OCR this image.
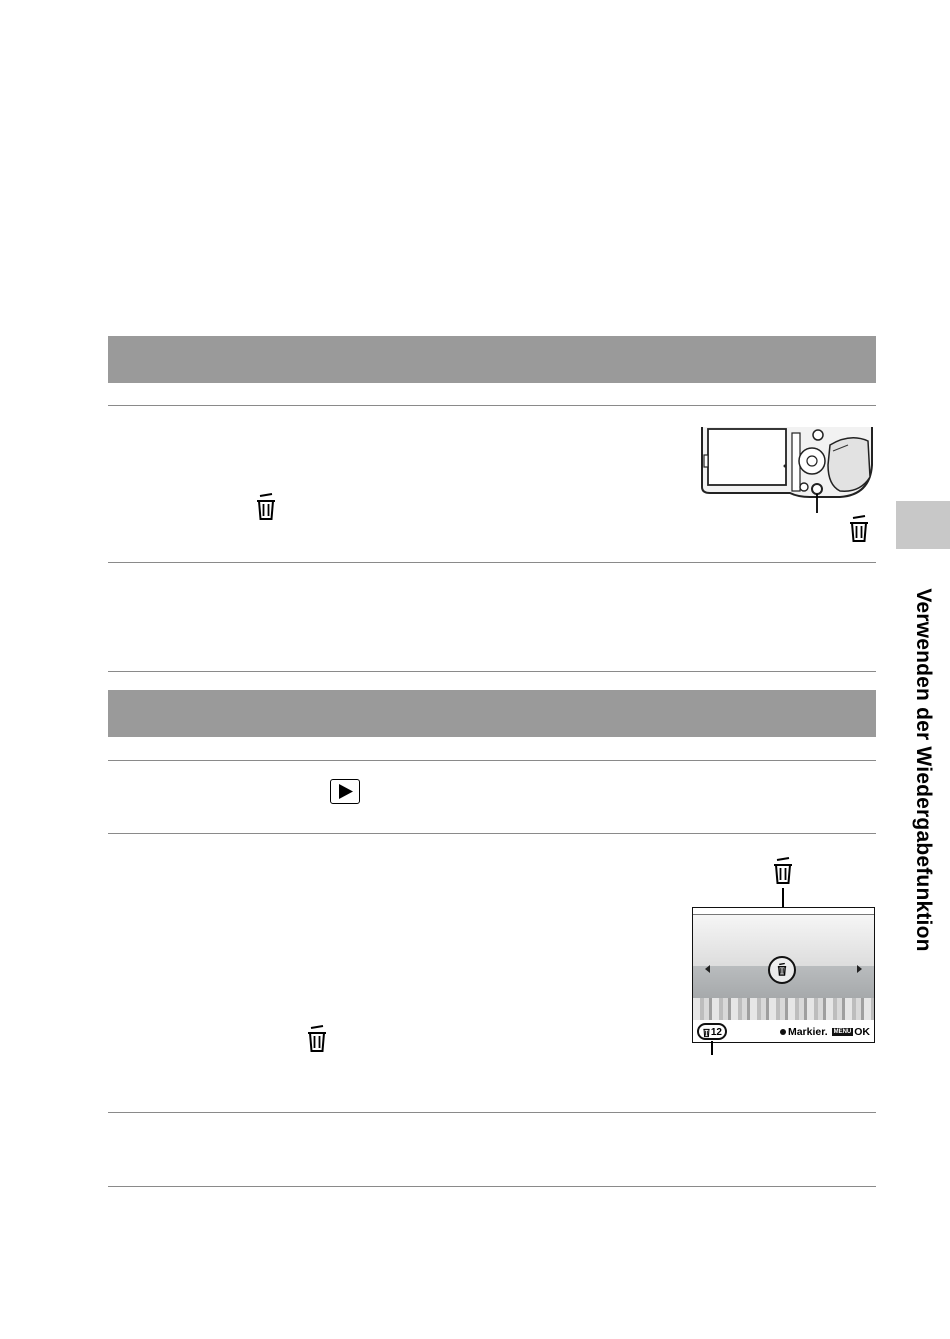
Verwenden der Wiedergabefunktion
12	Markier. MENU OK
